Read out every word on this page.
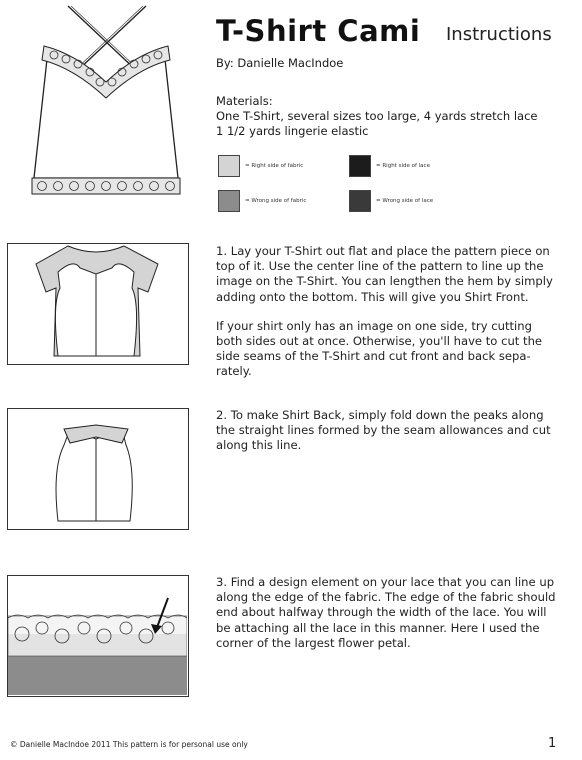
T-Shirt Cami Instructions
By: Danielle MacIndoe
Materials:
One T-Shirt, several sizes too large, 4 yards stretch lace
1 1/2 yards lingerie elastic
= Right side of fabric	= Right side of lace
= Wrong side of fabric	= Wrong side of lace

1. Lay your T-Shirt out flat and place the pattern piece on top of it. Use the center line of the pattern to line up the image on the T-Shirt. You can lengthen the hem by simply adding onto the bottom. This will give you Shirt Front.

If your shirt only has an image on one side, try cutting both sides out at once. Otherwise, you'll have to cut the side seams of the T-Shirt and cut front and back sepa-rately.

2. To make Shirt Back, simply fold down the peaks along the straight lines formed by the seam allowances and cut along this line.

3. Find a design element on your lace that you can line up along the edge of the fabric. The edge of the fabric should end about halfway through the width of the lace. You will be attaching all the lace in this manner. Here I used the corner of the largest flower petal.

© Danielle MacIndoe 2011 This pattern is for personal use only	1
